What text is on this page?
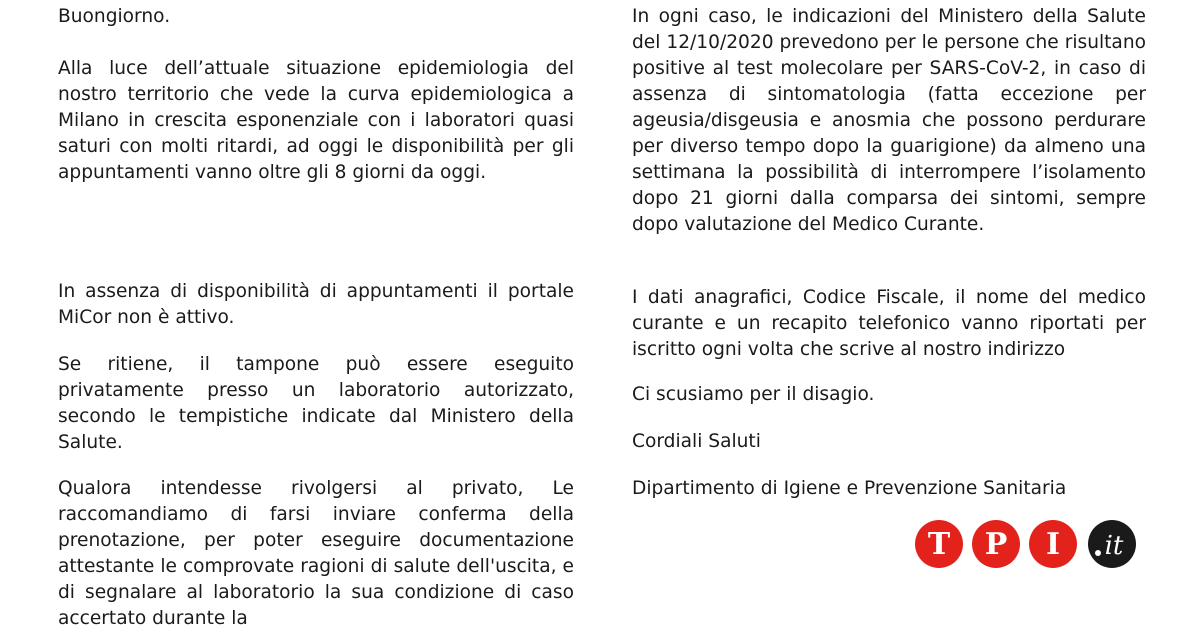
Buongiorno.

Alla luce dell’attuale situazione epidemiologia del nostro territorio che vede la curva epidemiologica a Milano in crescita esponenziale con i laboratori quasi saturi con molti ritardi, ad oggi le disponibilità per gli appuntamenti vanno oltre gli 8 giorni da oggi.

In assenza di disponibilità di appuntamenti il portale MiCor non è attivo.

Se ritiene, il tampone può essere eseguito privatamente presso un laboratorio autorizzato, secondo le tempistiche indicate dal Ministero della Salute.

Qualora intendesse rivolgersi al privato, Le raccomandiamo di farsi inviare conferma della prenotazione, per poter eseguire documentazione attestante le comprovate ragioni di salute dell'uscita, e di segnalare al laboratorio la sua condizione di caso accertato durante la

In ogni caso, le indicazioni del Ministero della Salute del 12/10/2020 prevedono per le persone che risultano positive al test molecolare per SARS-CoV-2, in caso di assenza di sintomatologia (fatta eccezione per ageusia/disgeusia e anosmia che possono perdurare per diverso tempo dopo la guarigione) da almeno una settimana la possibilità di interrompere l’isolamento dopo 21 giorni dalla comparsa dei sintomi, sempre dopo valutazione del Medico Curante.

I dati anagrafici, Codice Fiscale, il nome del medico curante e un recapito telefonico vanno riportati per iscritto ogni volta che scrive al nostro indirizzo

Ci scusiamo per il disagio.

Cordiali Saluti

Dipartimento di Igiene e Prevenzione Sanitaria

T P I it
